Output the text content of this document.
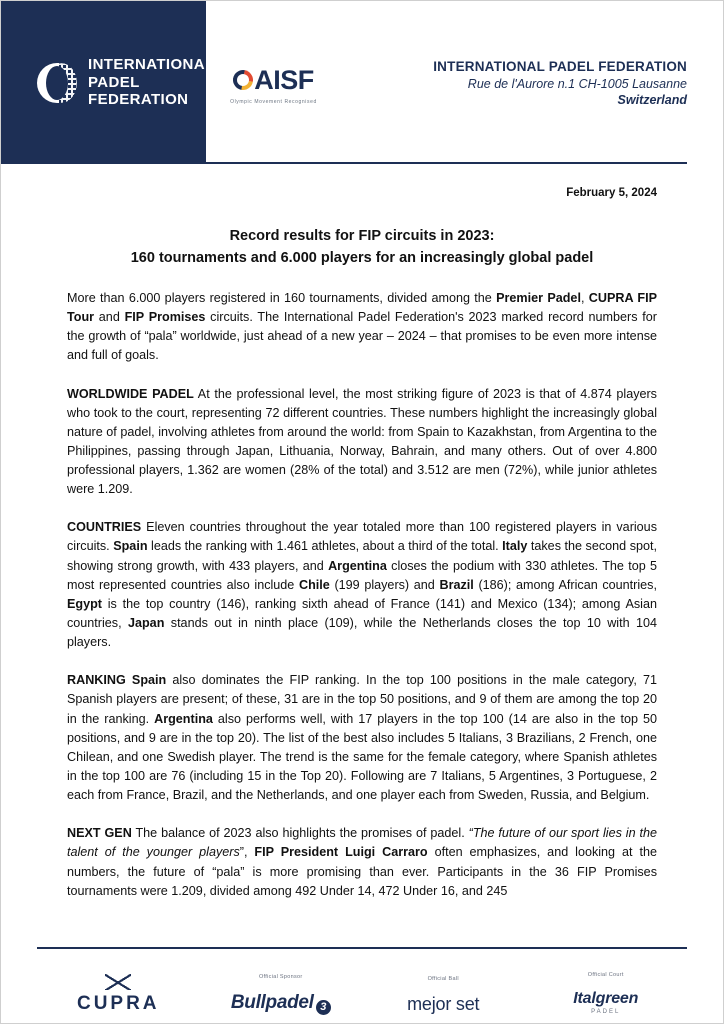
INTERNATIONAL
PADEL
FEDERATION
AISF
Olympic Movement Recognised
INTERNATIONAL PADEL FEDERATION
Rue de l'Aurore n.1 CH-1005 Lausanne
Switzerland
February 5, 2024
Record results for FIP circuits in 2023:
160 tournaments and 6.000 players for an increasingly global padel
More than 6.000 players registered in 160 tournaments, divided among the Premier Padel, CUPRA FIP Tour and FIP Promises circuits. The International Padel Federation's 2023 marked record numbers for the growth of “pala” worldwide, just ahead of a new year – 2024 – that promises to be even more intense and full of goals.
WORLDWIDE PADEL At the professional level, the most striking figure of 2023 is that of 4.874 players who took to the court, representing 72 different countries. These numbers highlight the increasingly global nature of padel, involving athletes from around the world: from Spain to Kazakhstan, from Argentina to the Philippines, passing through Japan, Lithuania, Norway, Bahrain, and many others. Out of over 4.800 professional players, 1.362 are women (28% of the total) and 3.512 are men (72%), while junior athletes were 1.209.
COUNTRIES Eleven countries throughout the year totaled more than 100 registered players in various circuits. Spain leads the ranking with 1.461 athletes, about a third of the total. Italy takes the second spot, showing strong growth, with 433 players, and Argentina closes the podium with 330 athletes. The top 5 most represented countries also include Chile (199 players) and Brazil (186); among African countries, Egypt is the top country (146), ranking sixth ahead of France (141) and Mexico (134); among Asian countries, Japan stands out in ninth place (109), while the Netherlands closes the top 10 with 104 players.
RANKING Spain also dominates the FIP ranking. In the top 100 positions in the male category, 71 Spanish players are present; of these, 31 are in the top 50 positions, and 9 of them are among the top 20 in the ranking. Argentina also performs well, with 17 players in the top 100 (14 are also in the top 50 positions, and 9 are in the top 20). The list of the best also includes 5 Italians, 3 Brazilians, 2 French, one Chilean, and one Swedish player. The trend is the same for the female category, where Spanish athletes in the top 100 are 76 (including 15 in the Top 20). Following are 7 Italians, 5 Argentines, 3 Portuguese, 2 each from France, Brazil, and the Netherlands, and one player each from Sweden, Russia, and Belgium.
NEXT GEN The balance of 2023 also highlights the promises of padel. “The future of our sport lies in the talent of the younger players”, FIP President Luigi Carraro often emphasizes, and looking at the numbers, the future of “pala” is more promising than ever. Participants in the 36 FIP Promises tournaments were 1.209, divided among 492 Under 14, 472 Under 16, and 245
CUPRA
Official Sponsor
Bullpadel 3
Official Ball
mejor set
Official Court
Italgreen
PADEL
